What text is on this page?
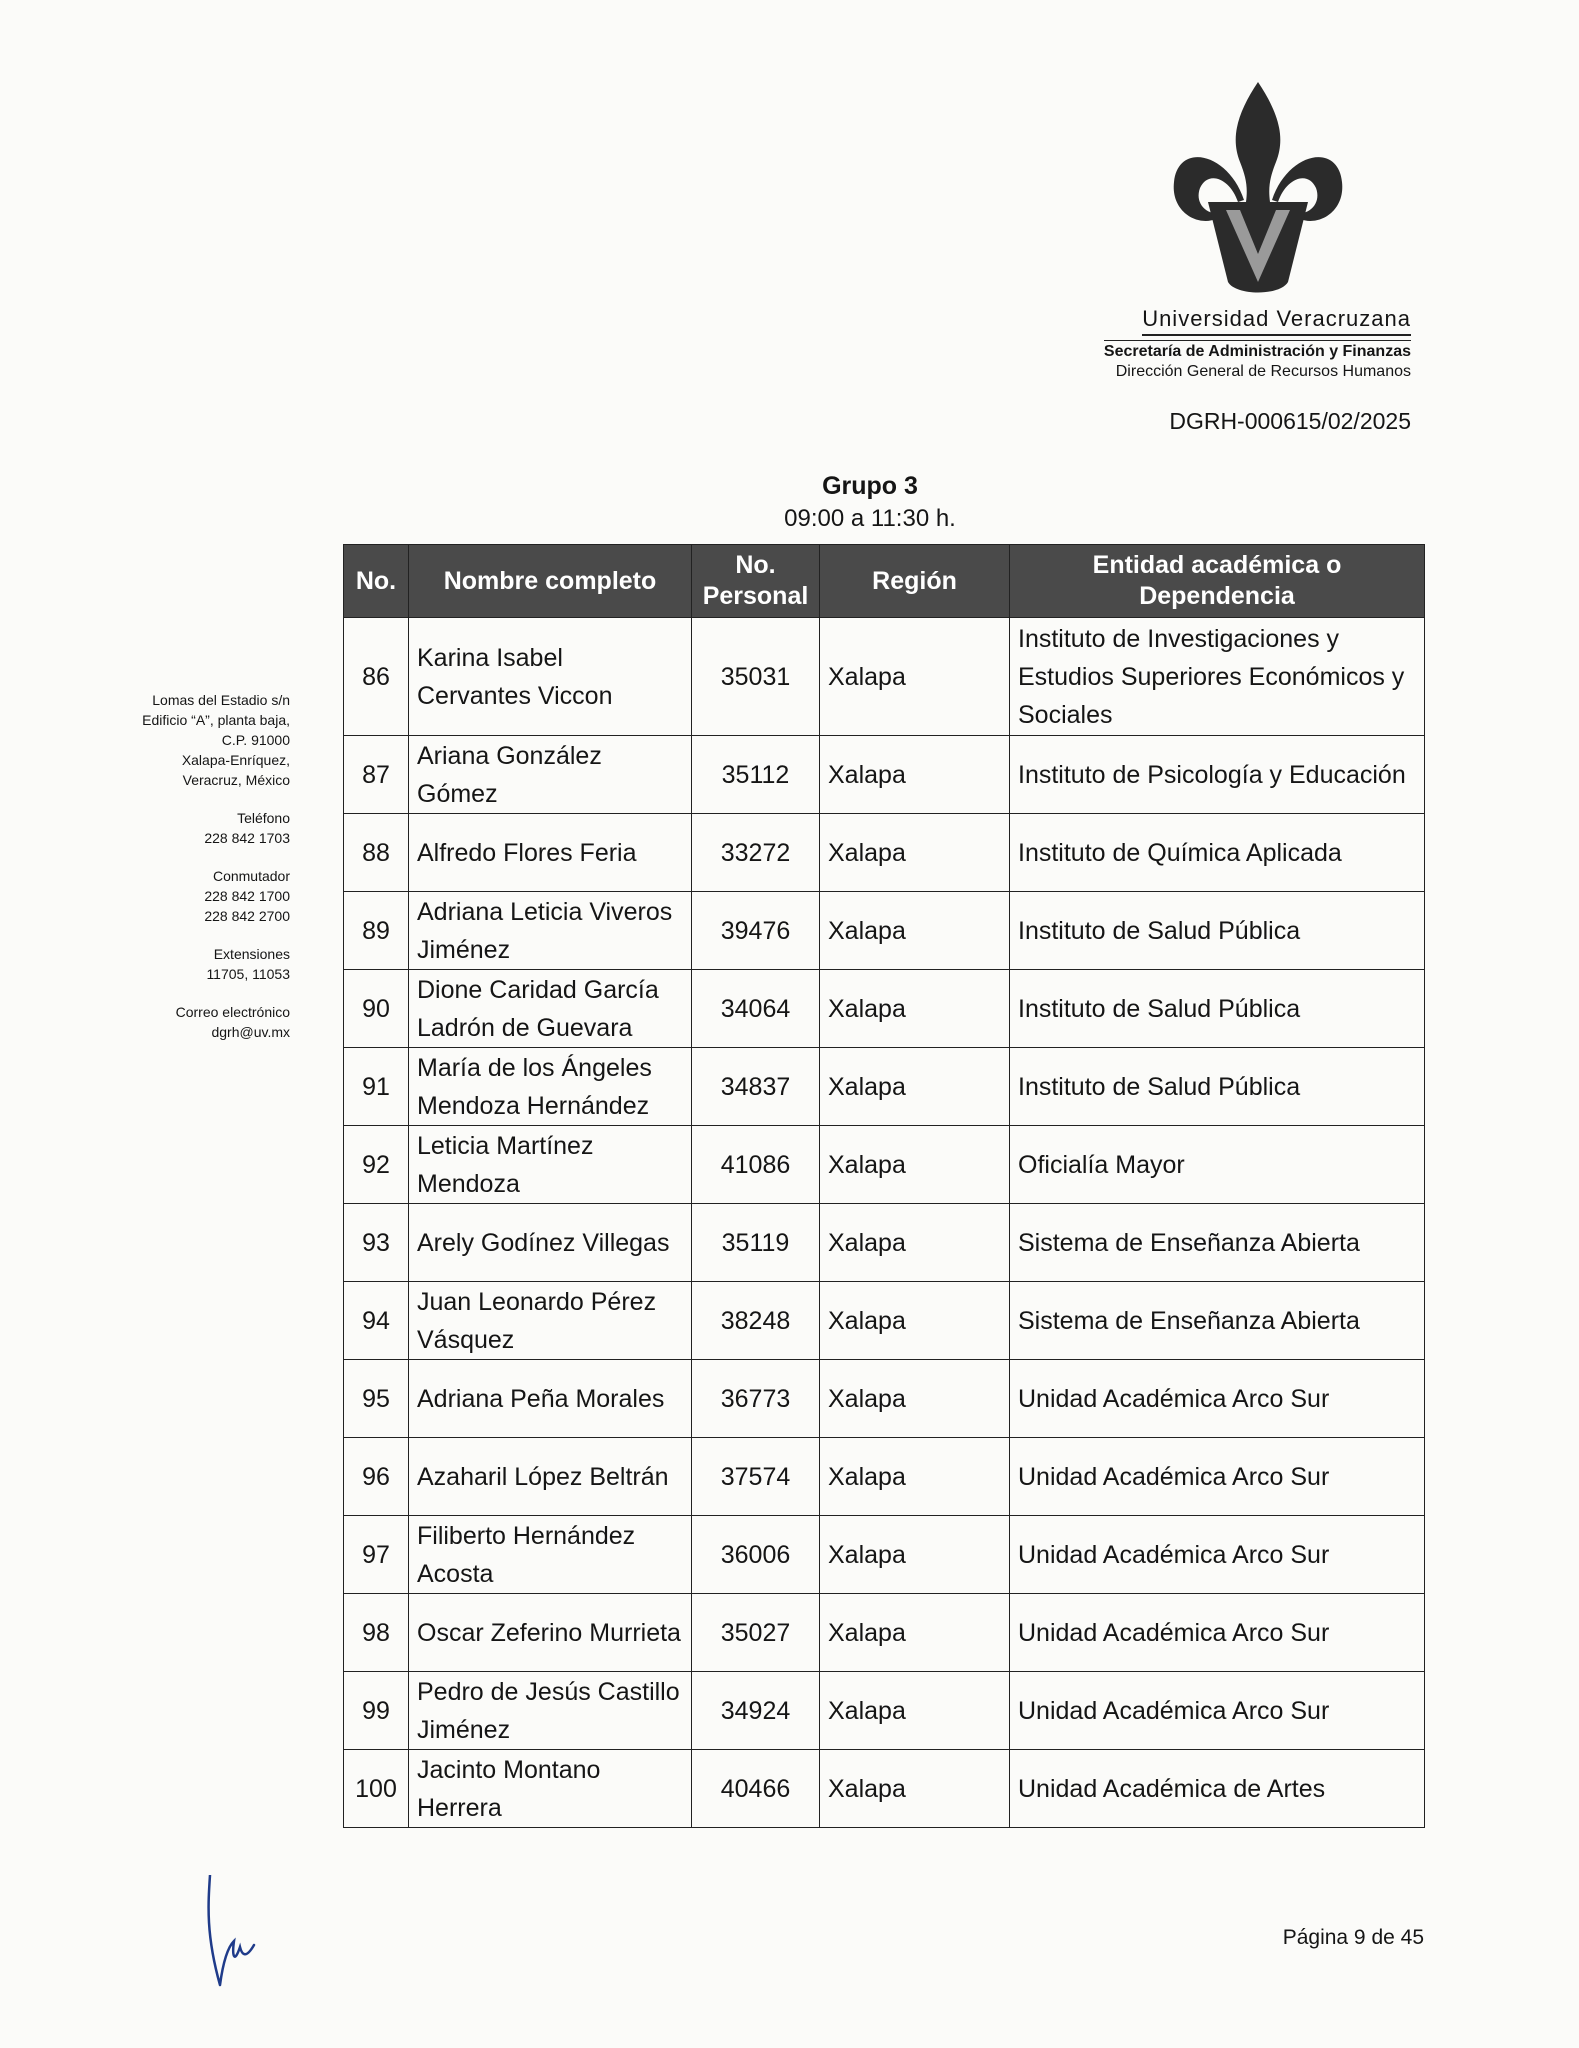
Universidad Veracruzana
Secretaría de Administración y Finanzas
Dirección General de Recursos Humanos
DGRH-000615/02/2025
Lomas del Estadio s/n
Edificio “A”, planta baja,
C.P. 91000
Xalapa-Enríquez,
Veracruz, México
Teléfono
228 842 1703
Conmutador
228 842 1700
228 842 2700
Extensiones
11705, 11053
Correo electrónico
dgrh@uv.mx
Grupo 3
09:00 a 11:30 h.
No.	Nombre completo	No. Personal	Región	Entidad académica o Dependencia
86	Karina Isabel Cervantes Viccon	35031	Xalapa	Instituto de Investigaciones y Estudios Superiores Económicos y Sociales
87	Ariana González Gómez	35112	Xalapa	Instituto de Psicología y Educación
88	Alfredo Flores Feria	33272	Xalapa	Instituto de Química Aplicada
89	Adriana Leticia Viveros Jiménez	39476	Xalapa	Instituto de Salud Pública
90	Dione Caridad García Ladrón de Guevara	34064	Xalapa	Instituto de Salud Pública
91	María de los Ángeles Mendoza Hernández	34837	Xalapa	Instituto de Salud Pública
92	Leticia Martínez Mendoza	41086	Xalapa	Oficialía Mayor
93	Arely Godínez Villegas	35119	Xalapa	Sistema de Enseñanza Abierta
94	Juan Leonardo Pérez Vásquez	38248	Xalapa	Sistema de Enseñanza Abierta
95	Adriana Peña Morales	36773	Xalapa	Unidad Académica Arco Sur
96	Azaharil López Beltrán	37574	Xalapa	Unidad Académica Arco Sur
97	Filiberto Hernández Acosta	36006	Xalapa	Unidad Académica Arco Sur
98	Oscar Zeferino Murrieta	35027	Xalapa	Unidad Académica Arco Sur
99	Pedro de Jesús Castillo Jiménez	34924	Xalapa	Unidad Académica Arco Sur
100	Jacinto Montano Herrera	40466	Xalapa	Unidad Académica de Artes
Página 9 de 45
